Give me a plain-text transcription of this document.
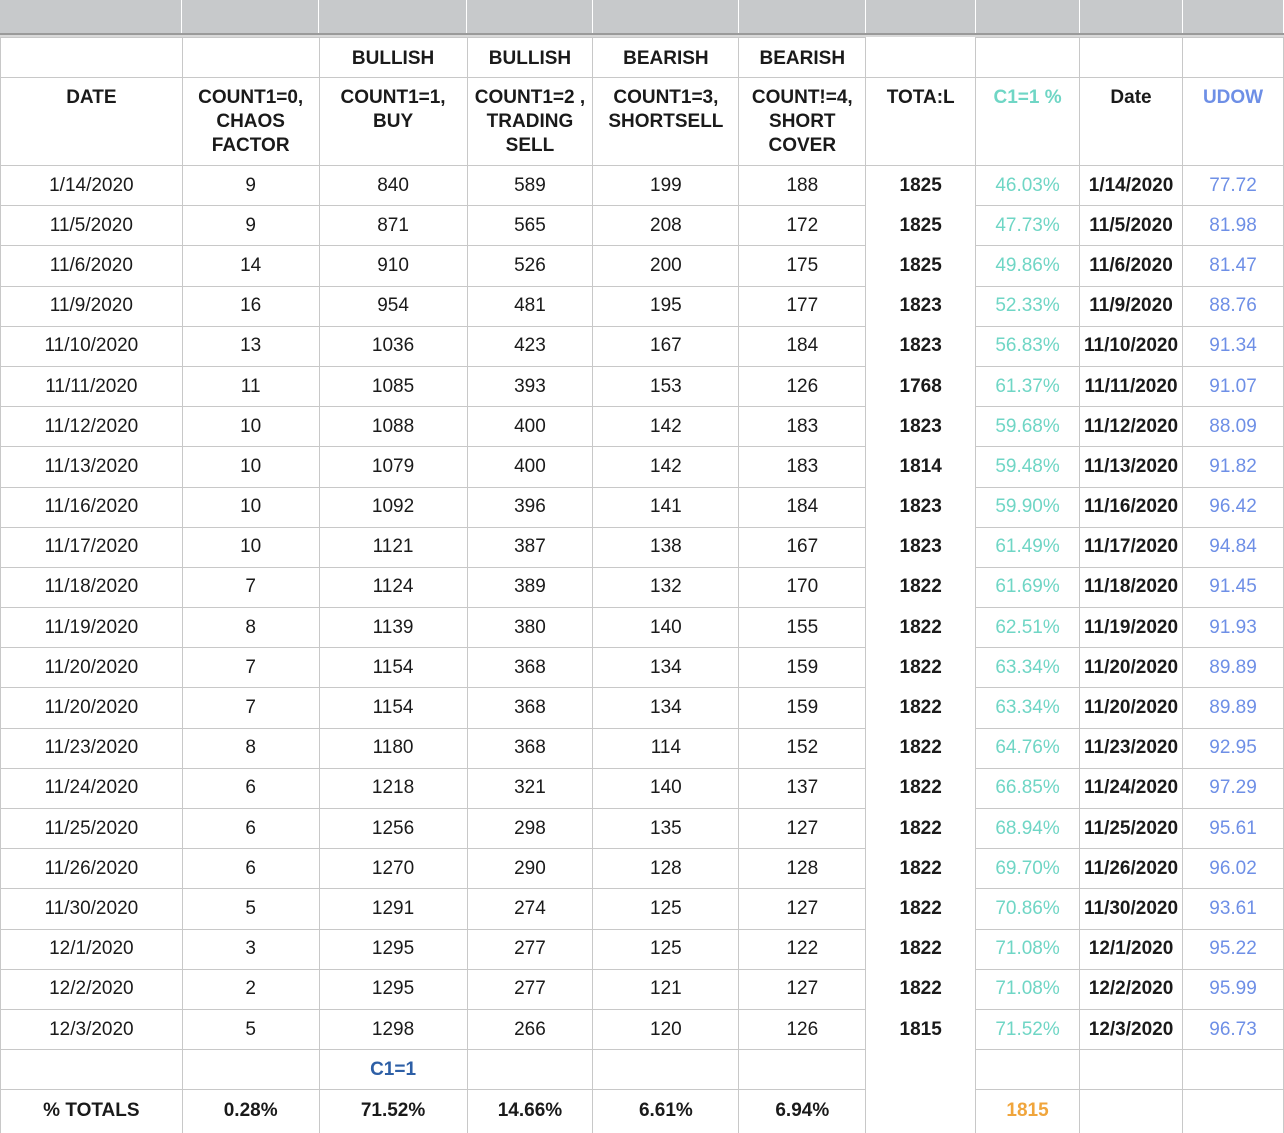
		BULLISH	BULLISH	BEARISH	BEARISH				
DATE	COUNT1=0, CHAOS FACTOR	COUNT1=1, BUY	COUNT1=2 , TRADING SELL	COUNT1=3, SHORTSELL	COUNT!=4, SHORT COVER	TOTA:L	C1=1 %	Date	UDOW
1/14/2020	9	840	589	199	188	1825	46.03%	1/14/2020	77.72
11/5/2020	9	871	565	208	172	1825	47.73%	11/5/2020	81.98
11/6/2020	14	910	526	200	175	1825	49.86%	11/6/2020	81.47
11/9/2020	16	954	481	195	177	1823	52.33%	11/9/2020	88.76
11/10/2020	13	1036	423	167	184	1823	56.83%	11/10/2020	91.34
11/11/2020	11	1085	393	153	126	1768	61.37%	11/11/2020	91.07
11/12/2020	10	1088	400	142	183	1823	59.68%	11/12/2020	88.09
11/13/2020	10	1079	400	142	183	1814	59.48%	11/13/2020	91.82
11/16/2020	10	1092	396	141	184	1823	59.90%	11/16/2020	96.42
11/17/2020	10	1121	387	138	167	1823	61.49%	11/17/2020	94.84
11/18/2020	7	1124	389	132	170	1822	61.69%	11/18/2020	91.45
11/19/2020	8	1139	380	140	155	1822	62.51%	11/19/2020	91.93
11/20/2020	7	1154	368	134	159	1822	63.34%	11/20/2020	89.89
11/20/2020	7	1154	368	134	159	1822	63.34%	11/20/2020	89.89
11/23/2020	8	1180	368	114	152	1822	64.76%	11/23/2020	92.95
11/24/2020	6	1218	321	140	137	1822	66.85%	11/24/2020	97.29
11/25/2020	6	1256	298	135	127	1822	68.94%	11/25/2020	95.61
11/26/2020	6	1270	290	128	128	1822	69.70%	11/26/2020	96.02
11/30/2020	5	1291	274	125	127	1822	70.86%	11/30/2020	93.61
12/1/2020	3	1295	277	125	122	1822	71.08%	12/1/2020	95.22
12/2/2020	2	1295	277	121	127	1822	71.08%	12/2/2020	95.99
12/3/2020	5	1298	266	120	126	1815	71.52%	12/3/2020	96.73
		C1=1							
% TOTALS	0.28%	71.52%	14.66%	6.61%	6.94%		1815		
